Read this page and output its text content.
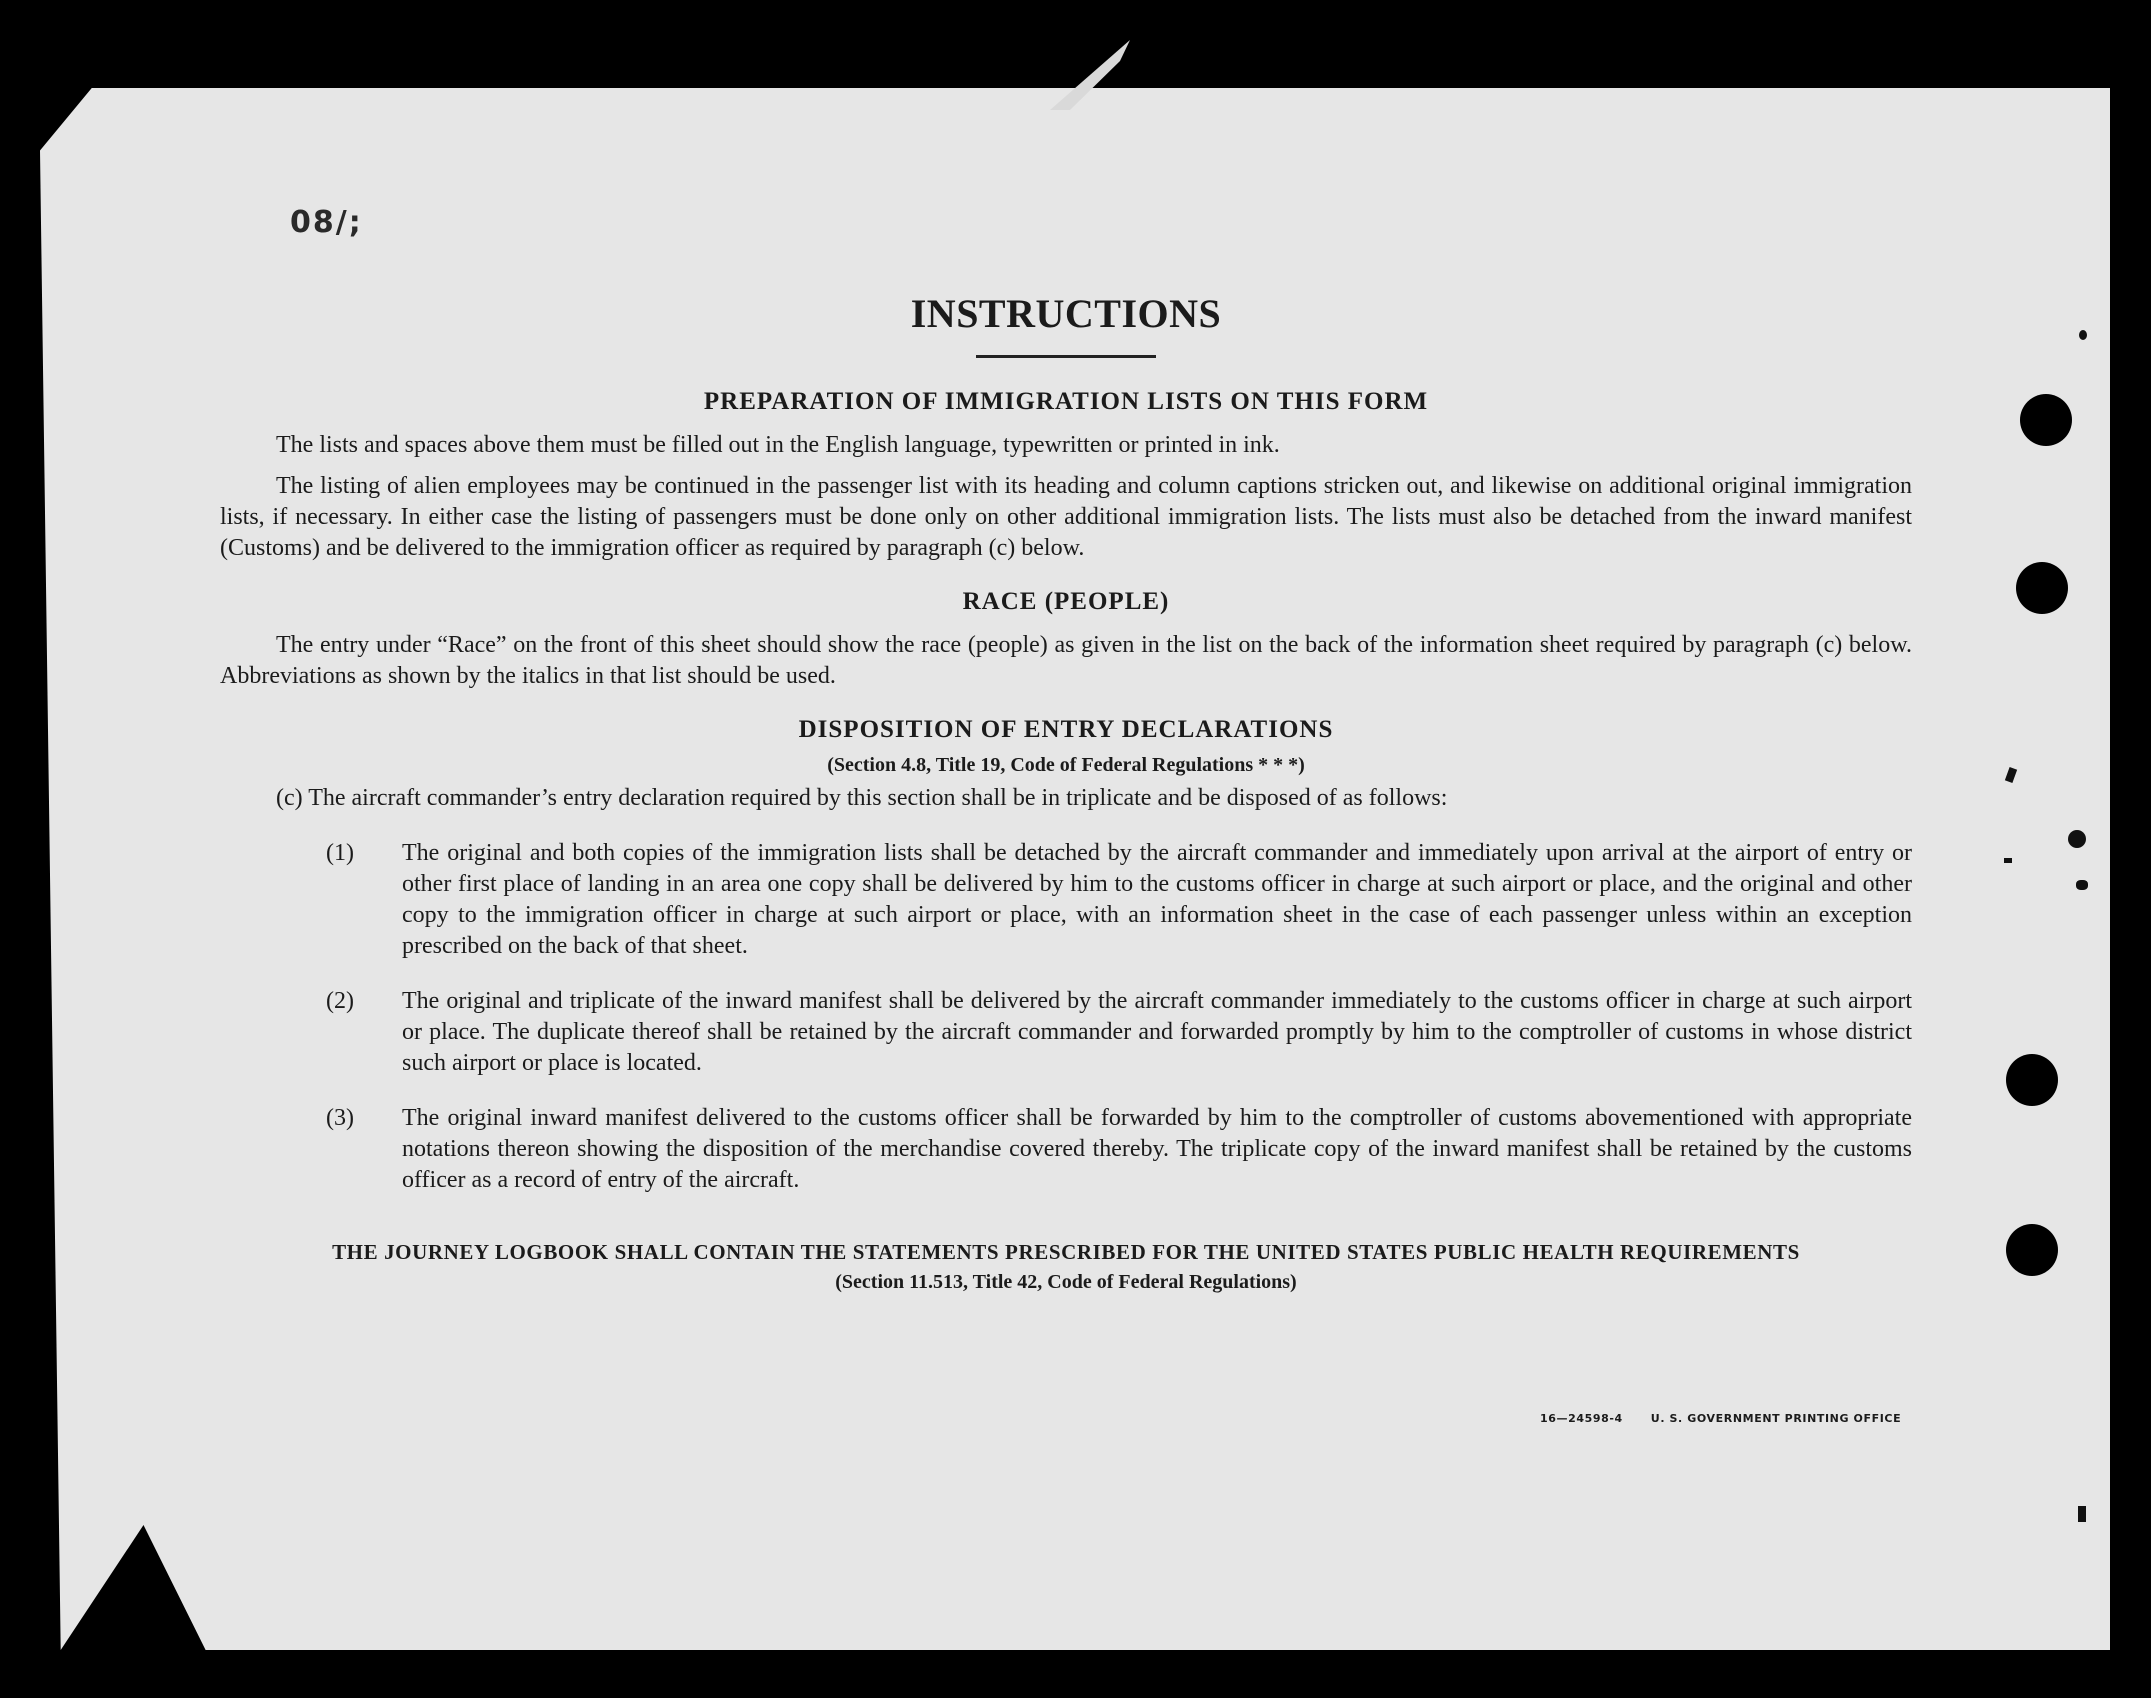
08/;
INSTRUCTIONS
PREPARATION OF IMMIGRATION LISTS ON THIS FORM

The lists and spaces above them must be filled out in the English language, typewritten or printed in ink.

The listing of alien employees may be continued in the passenger list with its heading and column captions stricken out, and likewise on additional original immigration lists, if necessary. In either case the listing of passengers must be done only on other additional immigration lists. The lists must also be detached from the inward manifest (Customs) and be delivered to the immigration officer as required by paragraph (c) below.

RACE (PEOPLE)

The entry under “Race” on the front of this sheet should show the race (people) as given in the list on the back of the information sheet required by paragraph (c) below. Abbreviations as shown by the italics in that list should be used.

DISPOSITION OF ENTRY DECLARATIONS
(Section 4.8, Title 19, Code of Federal Regulations * * *)

(c) The aircraft commander’s entry declaration required by this section shall be in triplicate and be disposed of as follows:

(1) The original and both copies of the immigration lists shall be detached by the aircraft commander and immediately upon arrival at the airport of entry or other first place of landing in an area one copy shall be delivered by him to the customs officer in charge at such airport or place, and the original and other copy to the immigration officer in charge at such airport or place, with an information sheet in the case of each passenger unless within an exception prescribed on the back of that sheet.

(2) The original and triplicate of the inward manifest shall be delivered by the aircraft commander immediately to the customs officer in charge at such airport or place. The duplicate thereof shall be retained by the aircraft commander and forwarded promptly by him to the comptroller of customs in whose district such airport or place is located.

(3) The original inward manifest delivered to the customs officer shall be forwarded by him to the comptroller of customs abovementioned with appropriate notations thereon showing the disposition of the merchandise covered thereby. The triplicate copy of the inward manifest shall be retained by the customs officer as a record of entry of the aircraft.

THE JOURNEY LOGBOOK SHALL CONTAIN THE STATEMENTS PRESCRIBED FOR THE UNITED STATES PUBLIC HEALTH REQUIREMENTS
(Section 11.513, Title 42, Code of Federal Regulations)
16—24598-4	U. S. GOVERNMENT PRINTING OFFICE
